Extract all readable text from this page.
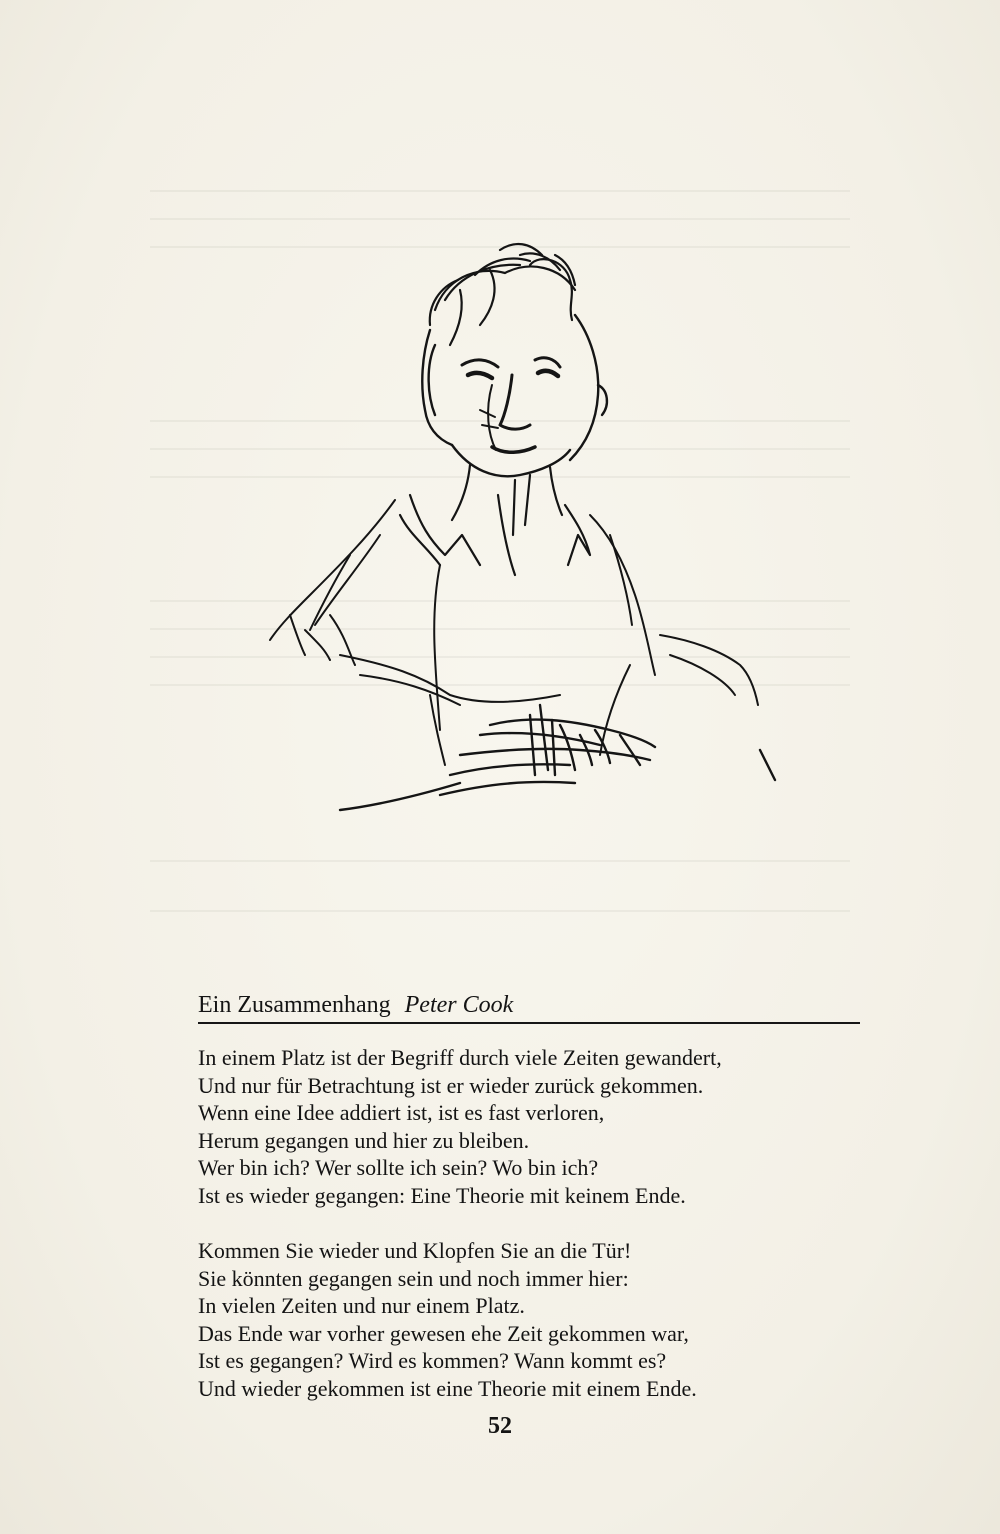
Ein Zusammenhang Peter Cook
In einem Platz ist der Begriff durch viele Zeiten gewandert,
Und nur für Betrachtung ist er wieder zurück gekommen.
Wenn eine Idee addiert ist, ist es fast verloren,
Herum gegangen und hier zu bleiben.
Wer bin ich? Wer sollte ich sein? Wo bin ich?
Ist es wieder gegangen: Eine Theorie mit keinem Ende.
Kommen Sie wieder und Klopfen Sie an die Tür!
Sie könnten gegangen sein und noch immer hier:
In vielen Zeiten und nur einem Platz.
Das Ende war vorher gewesen ehe Zeit gekommen war,
Ist es gegangen? Wird es kommen? Wann kommt es?
Und wieder gekommen ist eine Theorie mit einem Ende.
52
